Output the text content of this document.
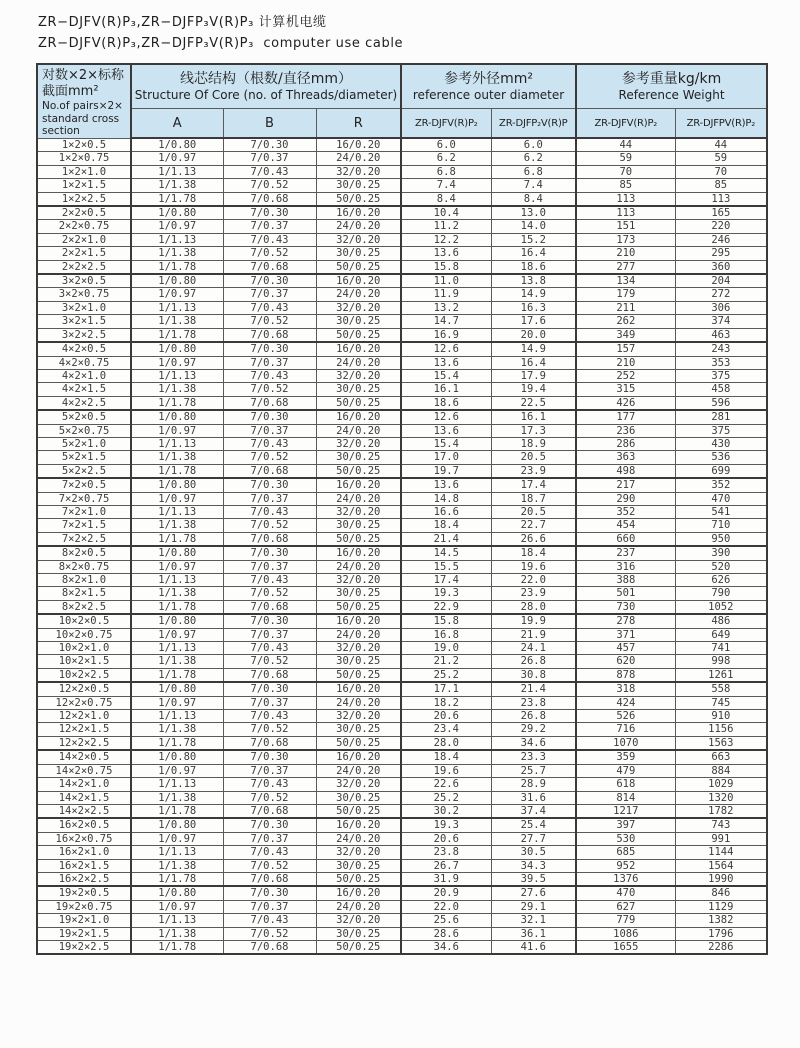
ZR−DJFV(R)P₃,ZR−DJFP₃V(R)P₃ 计算机电缆
ZR−DJFV(R)P₃,ZR−DJFP₃V(R)P₃  computer use cable
对数×2×标称截面mm²
No.of pairs×2× standard cross section

线芯结构（根数/直径mm）
Structure Of Core (no. of Threads/diameter)

参考外径mm²
reference outer diameter

参考重量kg/km
Reference Weight

	A	B	R	ZR-DJFV(R)P₂	ZR-DJFP₂V(R)P	ZR-DJFV(R)P₂	ZR-DJFPV(R)P₂
1×2×0.5	1/0.80	7/0.30	16/0.20	6.0	6.0	44	44
1×2×0.75	1/0.97	7/0.37	24/0.20	6.2	6.2	59	59
1×2×1.0	1/1.13	7/0.43	32/0.20	6.8	6.8	70	70
1×2×1.5	1/1.38	7/0.52	30/0.25	7.4	7.4	85	85
1×2×2.5	1/1.78	7/0.68	50/0.25	8.4	8.4	113	113
2×2×0.5	1/0.80	7/0.30	16/0.20	10.4	13.0	113	165
2×2×0.75	1/0.97	7/0.37	24/0.20	11.2	14.0	151	220
2×2×1.0	1/1.13	7/0.43	32/0.20	12.2	15.2	173	246
2×2×1.5	1/1.38	7/0.52	30/0.25	13.6	16.4	210	295
2×2×2.5	1/1.78	7/0.68	50/0.25	15.8	18.6	277	360
3×2×0.5	1/0.80	7/0.30	16/0.20	11.0	13.8	134	204
3×2×0.75	1/0.97	7/0.37	24/0.20	11.9	14.9	179	272
3×2×1.0	1/1.13	7/0.43	32/0.20	13.2	16.3	211	306
3×2×1.5	1/1.38	7/0.52	30/0.25	14.7	17.6	262	374
3×2×2.5	1/1.78	7/0.68	50/0.25	16.9	20.0	349	463
4×2×0.5	1/0.80	7/0.30	16/0.20	12.6	14.9	157	243
4×2×0.75	1/0.97	7/0.37	24/0.20	13.6	16.4	210	353
4×2×1.0	1/1.13	7/0.43	32/0.20	15.4	17.9	252	375
4×2×1.5	1/1.38	7/0.52	30/0.25	16.1	19.4	315	458
4×2×2.5	1/1.78	7/0.68	50/0.25	18.6	22.5	426	596
5×2×0.5	1/0.80	7/0.30	16/0.20	12.6	16.1	177	281
5×2×0.75	1/0.97	7/0.37	24/0.20	13.6	17.3	236	375
5×2×1.0	1/1.13	7/0.43	32/0.20	15.4	18.9	286	430
5×2×1.5	1/1.38	7/0.52	30/0.25	17.0	20.5	363	536
5×2×2.5	1/1.78	7/0.68	50/0.25	19.7	23.9	498	699
7×2×0.5	1/0.80	7/0.30	16/0.20	13.6	17.4	217	352
7×2×0.75	1/0.97	7/0.37	24/0.20	14.8	18.7	290	470
7×2×1.0	1/1.13	7/0.43	32/0.20	16.6	20.5	352	541
7×2×1.5	1/1.38	7/0.52	30/0.25	18.4	22.7	454	710
7×2×2.5	1/1.78	7/0.68	50/0.25	21.4	26.6	660	950
8×2×0.5	1/0.80	7/0.30	16/0.20	14.5	18.4	237	390
8×2×0.75	1/0.97	7/0.37	24/0.20	15.5	19.6	316	520
8×2×1.0	1/1.13	7/0.43	32/0.20	17.4	22.0	388	626
8×2×1.5	1/1.38	7/0.52	30/0.25	19.3	23.9	501	790
8×2×2.5	1/1.78	7/0.68	50/0.25	22.9	28.0	730	1052
10×2×0.5	1/0.80	7/0.30	16/0.20	15.8	19.9	278	486
10×2×0.75	1/0.97	7/0.37	24/0.20	16.8	21.9	371	649
10×2×1.0	1/1.13	7/0.43	32/0.20	19.0	24.1	457	741
10×2×1.5	1/1.38	7/0.52	30/0.25	21.2	26.8	620	998
10×2×2.5	1/1.78	7/0.68	50/0.25	25.2	30.8	878	1261
12×2×0.5	1/0.80	7/0.30	16/0.20	17.1	21.4	318	558
12×2×0.75	1/0.97	7/0.37	24/0.20	18.2	23.8	424	745
12×2×1.0	1/1.13	7/0.43	32/0.20	20.6	26.8	526	910
12×2×1.5	1/1.38	7/0.52	30/0.25	23.4	29.2	716	1156
12×2×2.5	1/1.78	7/0.68	50/0.25	28.0	34.6	1070	1563
14×2×0.5	1/0.80	7/0.30	16/0.20	18.4	23.3	359	663
14×2×0.75	1/0.97	7/0.37	24/0.20	19.6	25.7	479	884
14×2×1.0	1/1.13	7/0.43	32/0.20	22.6	28.9	618	1029
14×2×1.5	1/1.38	7/0.52	30/0.25	25.2	31.6	814	1320
14×2×2.5	1/1.78	7/0.68	50/0.25	30.2	37.4	1217	1782
16×2×0.5	1/0.80	7/0.30	16/0.20	19.3	25.4	397	743
16×2×0.75	1/0.97	7/0.37	24/0.20	20.6	27.7	530	991
16×2×1.0	1/1.13	7/0.43	32/0.20	23.8	30.5	685	1144
16×2×1.5	1/1.38	7/0.52	30/0.25	26.7	34.3	952	1564
16×2×2.5	1/1.78	7/0.68	50/0.25	31.9	39.5	1376	1990
19×2×0.5	1/0.80	7/0.30	16/0.20	20.9	27.6	470	846
19×2×0.75	1/0.97	7/0.37	24/0.20	22.0	29.1	627	1129
19×2×1.0	1/1.13	7/0.43	32/0.20	25.6	32.1	779	1382
19×2×1.5	1/1.38	7/0.52	30/0.25	28.6	36.1	1086	1796
19×2×2.5	1/1.78	7/0.68	50/0.25	34.6	41.6	1655	2286
